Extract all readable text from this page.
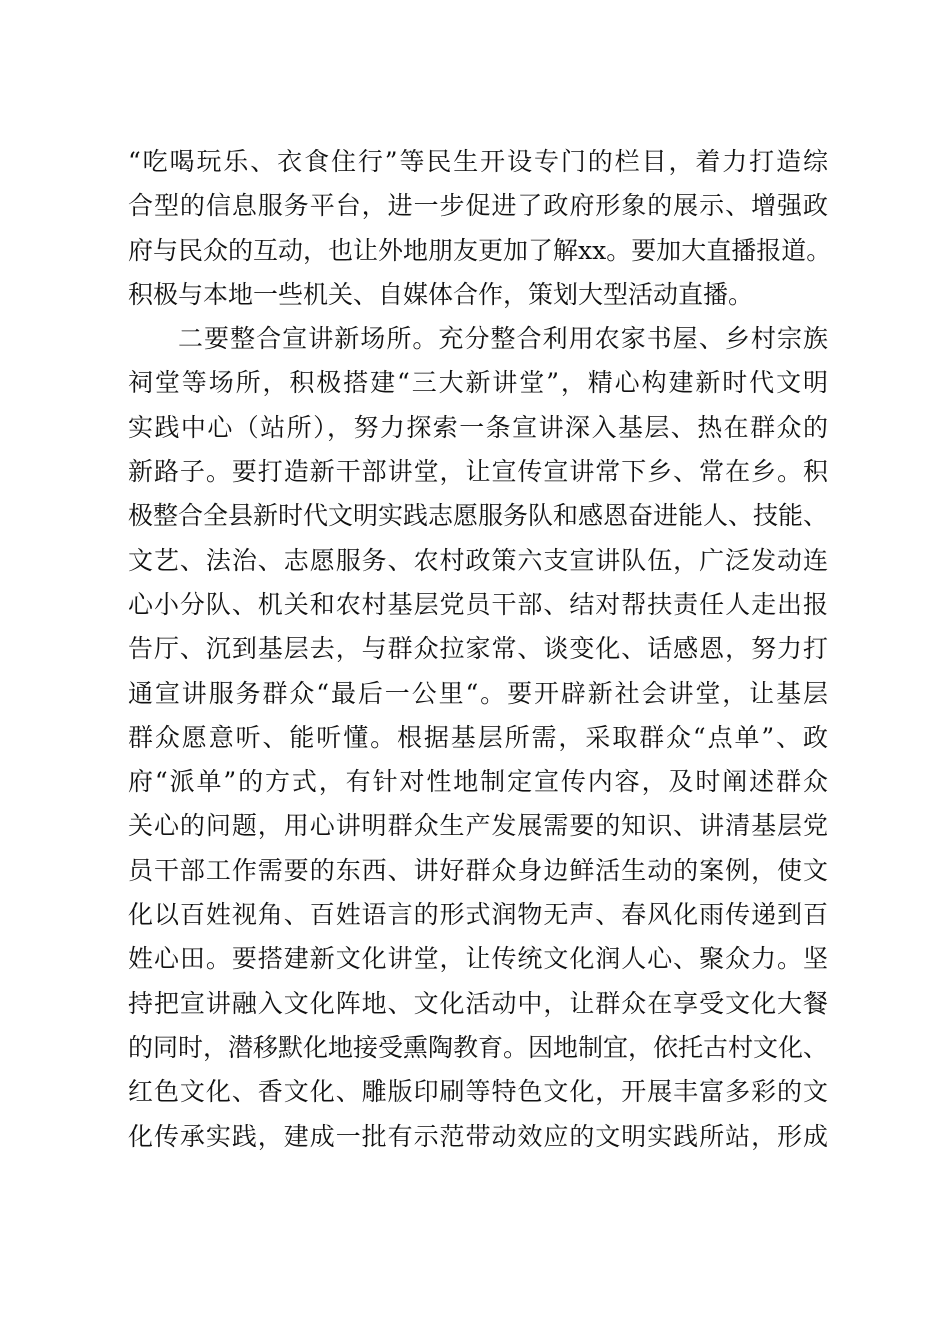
“吃喝玩乐、衣食住行”等民生开设专门的栏目，着力打造综
合型的信息服务平台，进一步促进了政府形象的展示、增强政
府与民众的互动，也让外地朋友更加了解xx。要加大直播报道。
积极与本地一些机关、自媒体合作，策划大型活动直播。
二要整合宣讲新场所。充分整合利用农家书屋、乡村宗族
祠堂等场所，积极搭建“三大新讲堂”，精心构建新时代文明
实践中心（站所），努力探索一条宣讲深入基层、热在群众的
新路子。要打造新干部讲堂，让宣传宣讲常下乡、常在乡。积
极整合全县新时代文明实践志愿服务队和感恩奋进能人、技能、
文艺、法治、志愿服务、农村政策六支宣讲队伍，广泛发动连
心小分队、机关和农村基层党员干部、结对帮扶责任人走出报
告厅、沉到基层去，与群众拉家常、谈变化、话感恩，努力打
通宣讲服务群众“最后一公里“。要开辟新社会讲堂，让基层
群众愿意听、能听懂。根据基层所需，采取群众“点单”、政
府“派单”的方式，有针对性地制定宣传内容，及时阐述群众
关心的问题，用心讲明群众生产发展需要的知识、讲清基层党
员干部工作需要的东西、讲好群众身边鲜活生动的案例，使文
化以百姓视角、百姓语言的形式润物无声、春风化雨传递到百
姓心田。要搭建新文化讲堂，让传统文化润人心、聚众力。坚
持把宣讲融入文化阵地、文化活动中，让群众在享受文化大餐
的同时，潜移默化地接受熏陶教育。因地制宜，依托古村文化、
红色文化、香文化、雕版印刷等特色文化，开展丰富多彩的文
化传承实践，建成一批有示范带动效应的文明实践所站，形成
